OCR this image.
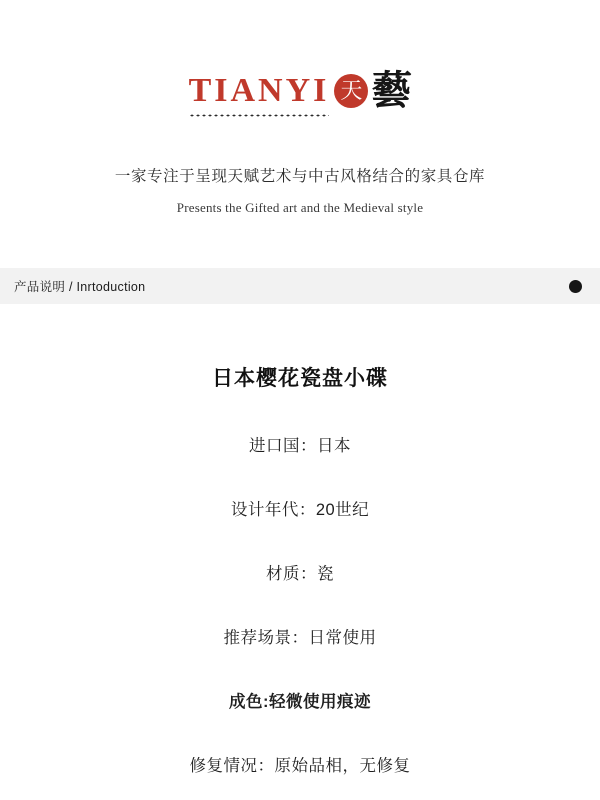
TIANYI 天 藝
一家专注于呈现天赋艺术与中古风格结合的家具仓库
Presents the Gifted art and the Medieval style
产品说明 / Inrtoduction
日本樱花瓷盘小碟
进口国：日本
设计年代：20世纪
材质：瓷
推荐场景：日常使用
成色:轻微使用痕迹
修复情况：原始品相，无修复
